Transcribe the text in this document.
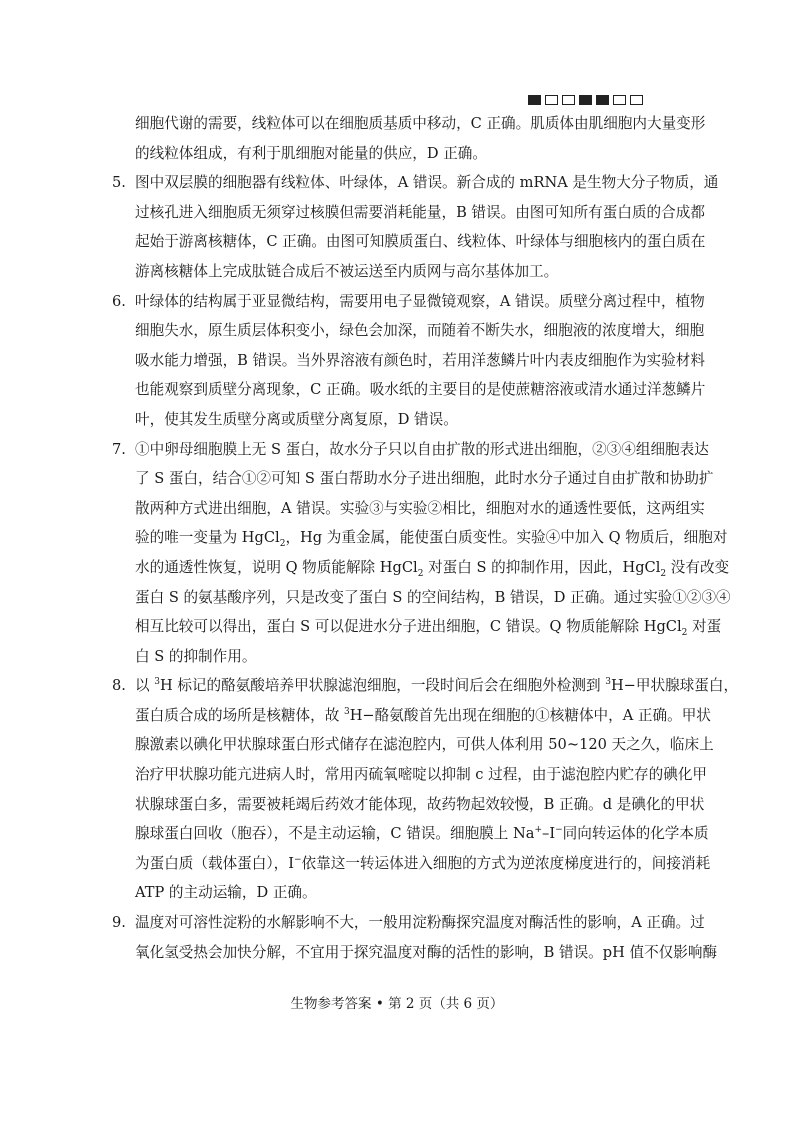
细胞代谢的需要，线粒体可以在细胞质基质中移动，C 正确。肌质体由肌细胞内大量变形
的线粒体组成，有利于肌细胞对能量的供应，D 正确。
5. 图中双层膜的细胞器有线粒体、叶绿体，A 错误。新合成的 mRNA 是生物大分子物质，通
过核孔进入细胞质无须穿过核膜但需要消耗能量，B 错误。由图可知所有蛋白质的合成都
起始于游离核糖体，C 正确。由图可知膜质蛋白、线粒体、叶绿体与细胞核内的蛋白质在
游离核糖体上完成肽链合成后不被运送至内质网与高尔基体加工。
6. 叶绿体的结构属于亚显微结构，需要用电子显微镜观察，A 错误。质壁分离过程中，植物
细胞失水，原生质层体积变小，绿色会加深，而随着不断失水，细胞液的浓度增大，细胞
吸水能力增强，B 错误。当外界溶液有颜色时，若用洋葱鳞片叶内表皮细胞作为实验材料
也能观察到质壁分离现象，C 正确。吸水纸的主要目的是使蔗糖溶液或清水通过洋葱鳞片
叶，使其发生质壁分离或质壁分离复原，D 错误。
7. ①中卵母细胞膜上无 S 蛋白，故水分子只以自由扩散的形式进出细胞，②③④组细胞表达
了 S 蛋白，结合①②可知 S 蛋白帮助水分子进出细胞，此时水分子通过自由扩散和协助扩
散两种方式进出细胞，A 错误。实验③与实验②相比，细胞对水的通透性要低，这两组实
验的唯一变量为 HgCl$_2$，Hg 为重金属，能使蛋白质变性。实验④中加入 Q 物质后，细胞对
水的通透性恢复，说明 Q 物质能解除 HgCl$_2$ 对蛋白 S 的抑制作用，因此，HgCl$_2$ 没有改变
蛋白 S 的氨基酸序列，只是改变了蛋白 S 的空间结构，B 错误，D 正确。通过实验①②③④
相互比较可以得出，蛋白 S 可以促进水分子进出细胞，C 错误。Q 物质能解除 HgCl$_2$ 对蛋
白 S 的抑制作用。
8. 以 $^3$H 标记的酪氨酸培养甲状腺滤泡细胞，一段时间后会在细胞外检测到 $^3$H−甲状腺球蛋白，
蛋白质合成的场所是核糖体，故 $^3$H−酪氨酸首先出现在细胞的①核糖体中，A 正确。甲状
腺激素以碘化甲状腺球蛋白形式储存在滤泡腔内，可供人体利用 50~120 天之久，临床上
治疗甲状腺功能亢进病人时，常用丙硫氧嘧啶以抑制 c 过程，由于滤泡腔内贮存的碘化甲
状腺球蛋白多，需要被耗竭后药效才能体现，故药物起效较慢，B 正确。d 是碘化的甲状
腺球蛋白回收（胞吞），不是主动运输，C 错误。细胞膜上 Na+–I−同向转运体的化学本质
为蛋白质（载体蛋白），I−依靠这一转运体进入细胞的方式为逆浓度梯度进行的，间接消耗
ATP 的主动运输，D 正确。
9. 温度对可溶性淀粉的水解影响不大，一般用淀粉酶探究温度对酶活性的影响，A 正确。过
氧化氢受热会加快分解，不宜用于探究温度对酶的活性的影响，B 错误。pH 值不仅影响酶
生物参考答案 • 第 2 页（共 6 页）
